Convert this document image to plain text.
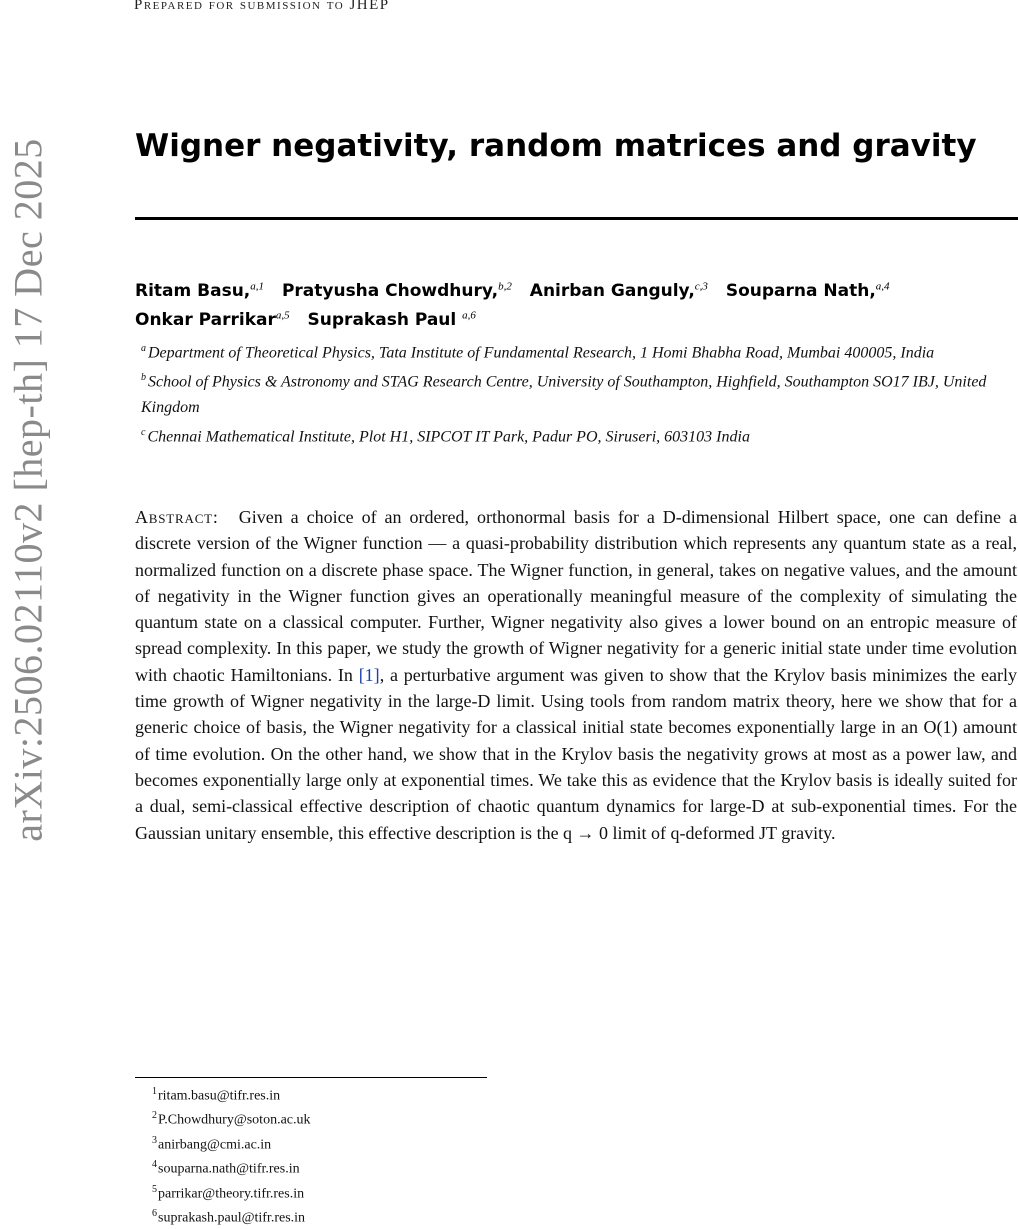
arXiv:2506.02110v2 [hep-th] 17 Dec 2025
Prepared for submission to JHEP
Wigner negativity, random matrices and gravity
Ritam Basu,$^{a,1}$ Pratyusha Chowdhury,$^{b,2}$ Anirban Ganguly,$^{c,3}$ Souparna Nath,$^{a,4}$ Onkar Parrikar$^{a,5}$ Suprakash Paul $^{a,6}$
$^a$ Department of Theoretical Physics, Tata Institute of Fundamental Research, 1 Homi Bhabha Road, Mumbai 400005, India
$^b$ School of Physics & Astronomy and STAG Research Centre, University of Southampton, Highfield, Southampton SO17 IBJ, United Kingdom
$^c$ Chennai Mathematical Institute, Plot H1, SIPCOT IT Park, Padur PO, Siruseri, 603103 India
Abstract: Given a choice of an ordered, orthonormal basis for a D-dimensional Hilbert space, one can define a discrete version of the Wigner function — a quasi-probability distribution which represents any quantum state as a real, normalized function on a discrete phase space. The Wigner function, in general, takes on negative values, and the amount of negativity in the Wigner function gives an operationally meaningful measure of the complexity of simulating the quantum state on a classical computer. Further, Wigner negativity also gives a lower bound on an entropic measure of spread complexity. In this paper, we study the growth of Wigner negativity for a generic initial state under time evolution with chaotic Hamiltonians. In [1], a perturbative argument was given to show that the Krylov basis minimizes the early time growth of Wigner negativity in the large-D limit. Using tools from random matrix theory, here we show that for a generic choice of basis, the Wigner negativity for a classical initial state becomes exponentially large in an O(1) amount of time evolution. On the other hand, we show that in the Krylov basis the negativity grows at most as a power law, and becomes exponentially large only at exponential times. We take this as evidence that the Krylov basis is ideally suited for a dual, semi-classical effective description of chaotic quantum dynamics for large-D at sub-exponential times. For the Gaussian unitary ensemble, this effective description is the q → 0 limit of q-deformed JT gravity.
$^1$ritam.basu@tifr.res.in
$^2$P.Chowdhury@soton.ac.uk
$^3$anirbang@cmi.ac.in
$^4$souparna.nath@tifr.res.in
$^5$parrikar@theory.tifr.res.in
$^6$suprakash.paul@tifr.res.in
